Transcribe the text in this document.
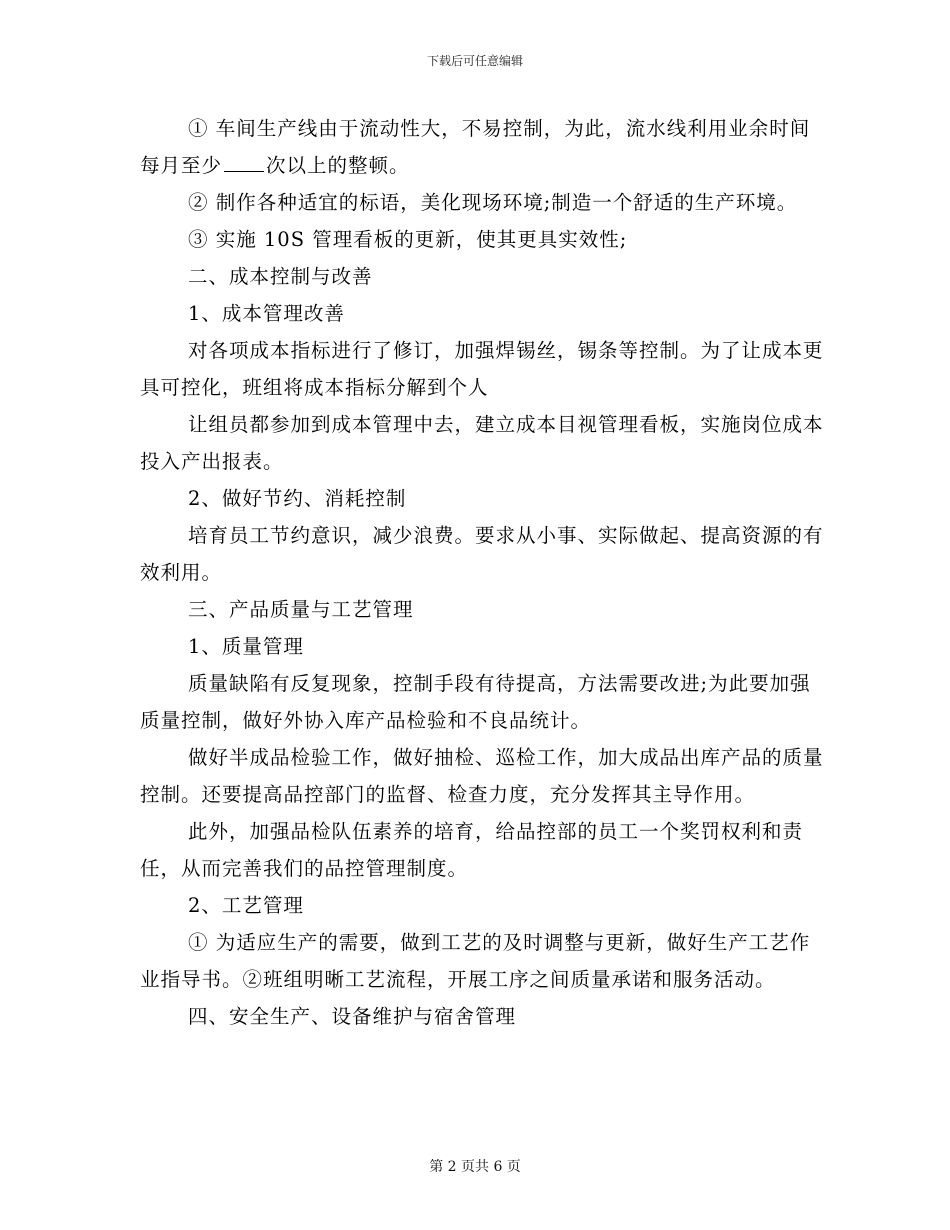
下载后可任意编辑

① 车间生产线由于流动性大，不易控制，为此，流水线利用业余时间每月至少 次以上的整顿。

② 制作各种适宜的标语，美化现场环境;制造一个舒适的生产环境。

③ 实施 10S 管理看板的更新，使其更具实效性;

二、成本控制与改善

1、成本管理改善

对各项成本指标进行了修订，加强焊锡丝，锡条等控制。为了让成本更具可控化，班组将成本指标分解到个人

让组员都参加到成本管理中去，建立成本目视管理看板，实施岗位成本投入产出报表。

2、做好节约、消耗控制

培育员工节约意识，减少浪费。要求从小事、实际做起、提高资源的有效利用。

三、产品质量与工艺管理

1、质量管理

质量缺陷有反复现象，控制手段有待提高，方法需要改进;为此要加强质量控制，做好外协入库产品检验和不良品统计。

做好半成品检验工作，做好抽检、巡检工作，加大成品出库产品的质量控制。还要提高品控部门的监督、检查力度，充分发挥其主导作用。

此外，加强品检队伍素养的培育，给品控部的员工一个奖罚权利和责任，从而完善我们的品控管理制度。

2、工艺管理

① 为适应生产的需要，做到工艺的及时调整与更新，做好生产工艺作业指导书。②班组明晰工艺流程，开展工序之间质量承诺和服务活动。

四、安全生产、设备维护与宿舍管理

第 2 页共 6 页
